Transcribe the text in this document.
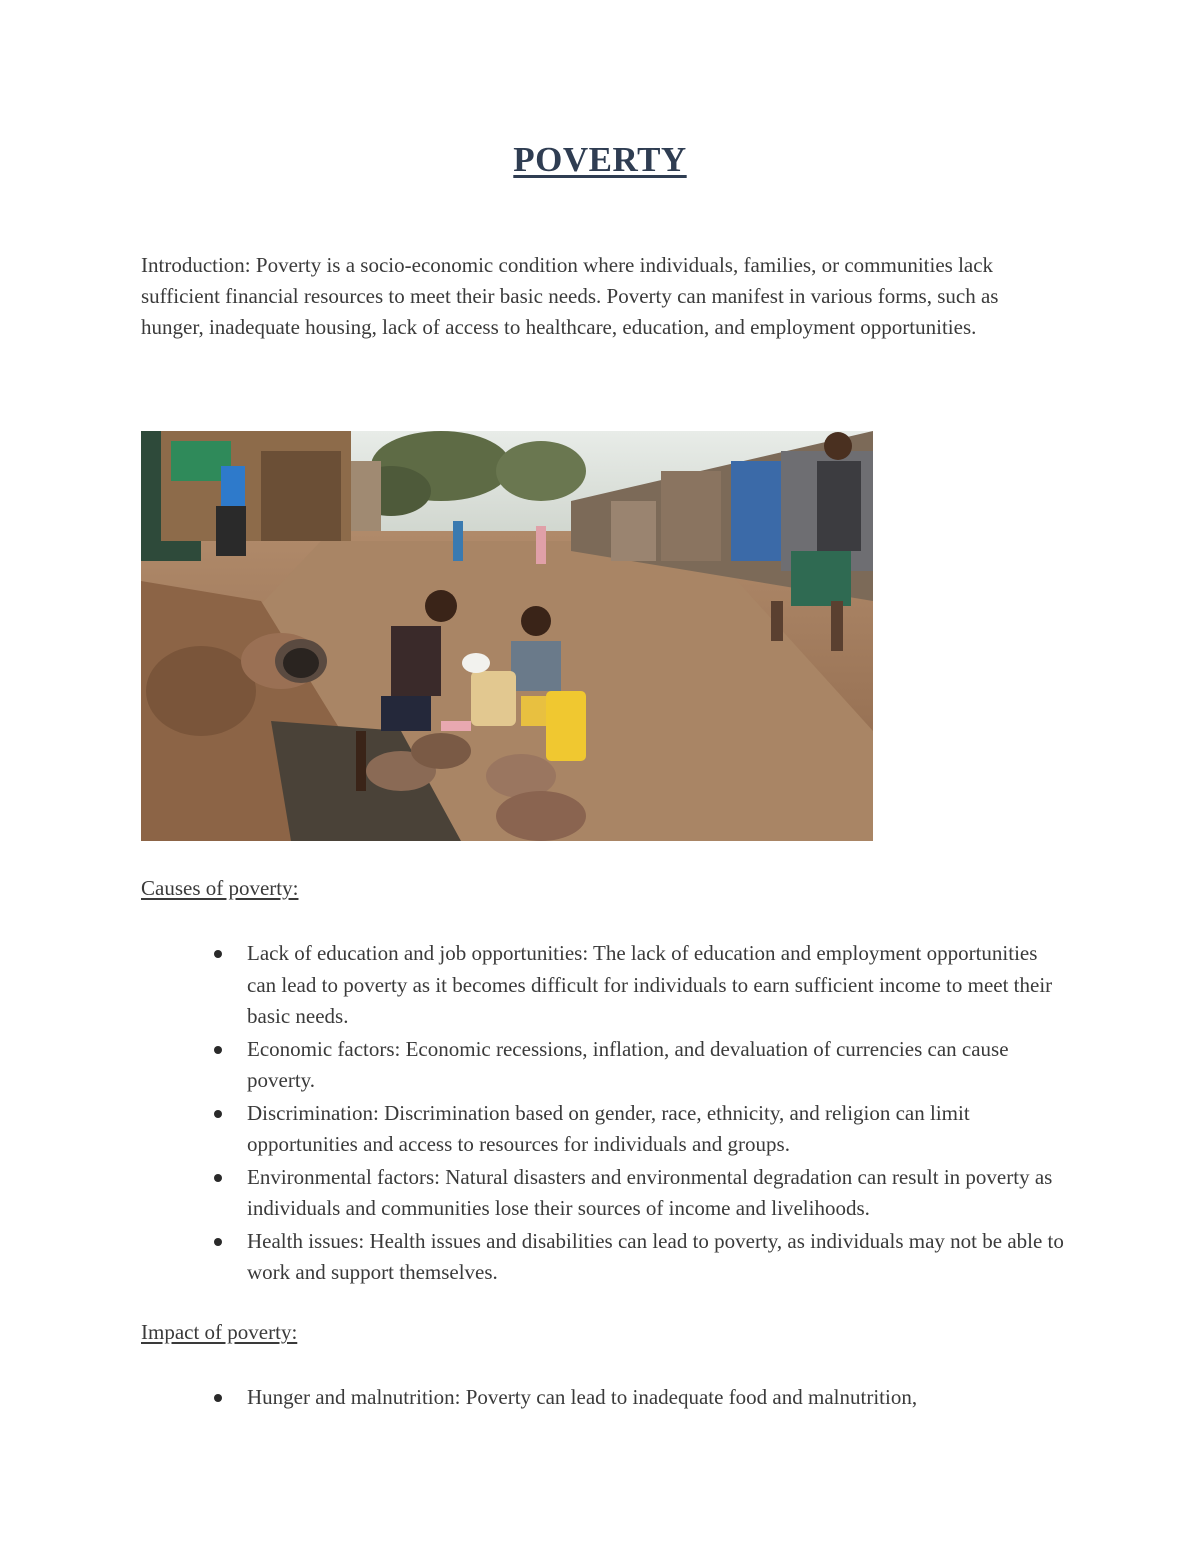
POVERTY

Introduction: Poverty is a socio-economic condition where individuals, families, or communities lack sufficient financial resources to meet their basic needs. Poverty can manifest in various forms, such as hunger, inadequate housing, lack of access to healthcare, education, and employment opportunities.

Causes of poverty:

Lack of education and job opportunities: The lack of education and employment opportunities can lead to poverty as it becomes difficult for individuals to earn sufficient income to meet their basic needs.
Economic factors: Economic recessions, inflation, and devaluation of currencies can cause poverty.
Discrimination: Discrimination based on gender, race, ethnicity, and religion can limit opportunities and access to resources for individuals and groups.
Environmental factors: Natural disasters and environmental degradation can result in poverty as individuals and communities lose their sources of income and livelihoods.
Health issues: Health issues and disabilities can lead to poverty, as individuals may not be able to work and support themselves.

Impact of poverty:

Hunger and malnutrition: Poverty can lead to inadequate food and malnutrition,
